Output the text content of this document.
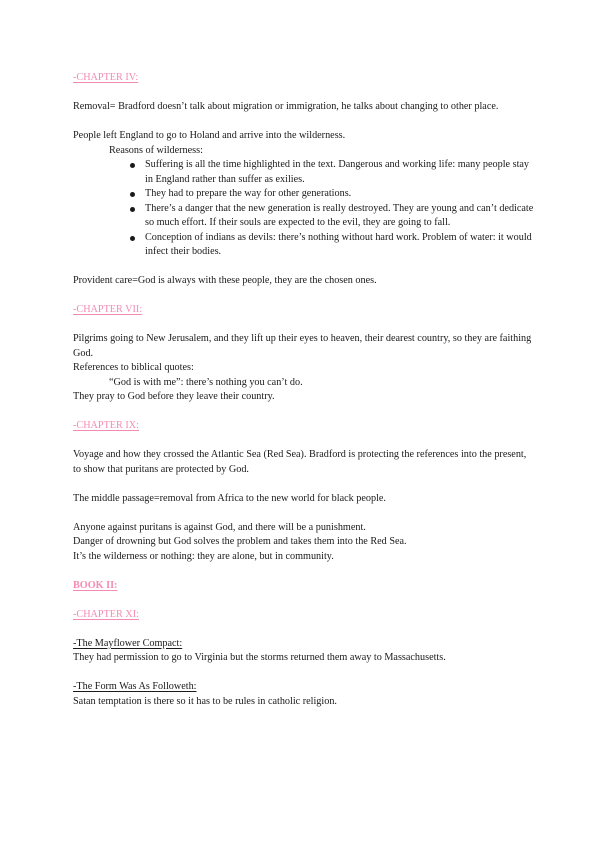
-CHAPTER IV:

Removal= Bradford doesn’t talk about migration or immigration, he talks about changing to other place.

People left England to go to Holand and arrive into the wilderness.

Reasons of wilderness:

Suffering is all the time highlighted in the text. Dangerous and working life: many people stay in England rather than suffer as exilies.
They had to prepare the way for other generations.
There’s a danger that the new generation is really destroyed. They are young and can’t dedicate so much effort. If their souls are expected to the evil, they are going to fall.
Conception of indians as devils: there’s nothing without hard work. Problem of water: it would infect their bodies.

Provident care=God is always with these people, they are the chosen ones.

-CHAPTER VII:

Pilgrims going to New Jerusalem, and they lift up their eyes to heaven, their dearest country, so they are faithing God.

References to biblical quotes:

“God is with me”: there’s nothing you can’t do.

They pray to God before they leave their country.

-CHAPTER IX:

Voyage and how they crossed the Atlantic Sea (Red Sea). Bradford is protecting the references into the present, to show that puritans are protected by God.

The middle passage=removal from Africa to the new world for black people.

Anyone against puritans is against God, and there will be a punishment.

Danger of drowning but God solves the problem and takes them into the Red Sea.

It’s the wilderness or nothing: they are alone, but in community.

BOOK II:

-CHAPTER XI:

-The Mayflower Compact:

They had permission to go to Virginia but the storms returned them away to Massachusetts.

-The Form Was As Followeth:

Satan temptation is there so it has to be rules in catholic religion.
